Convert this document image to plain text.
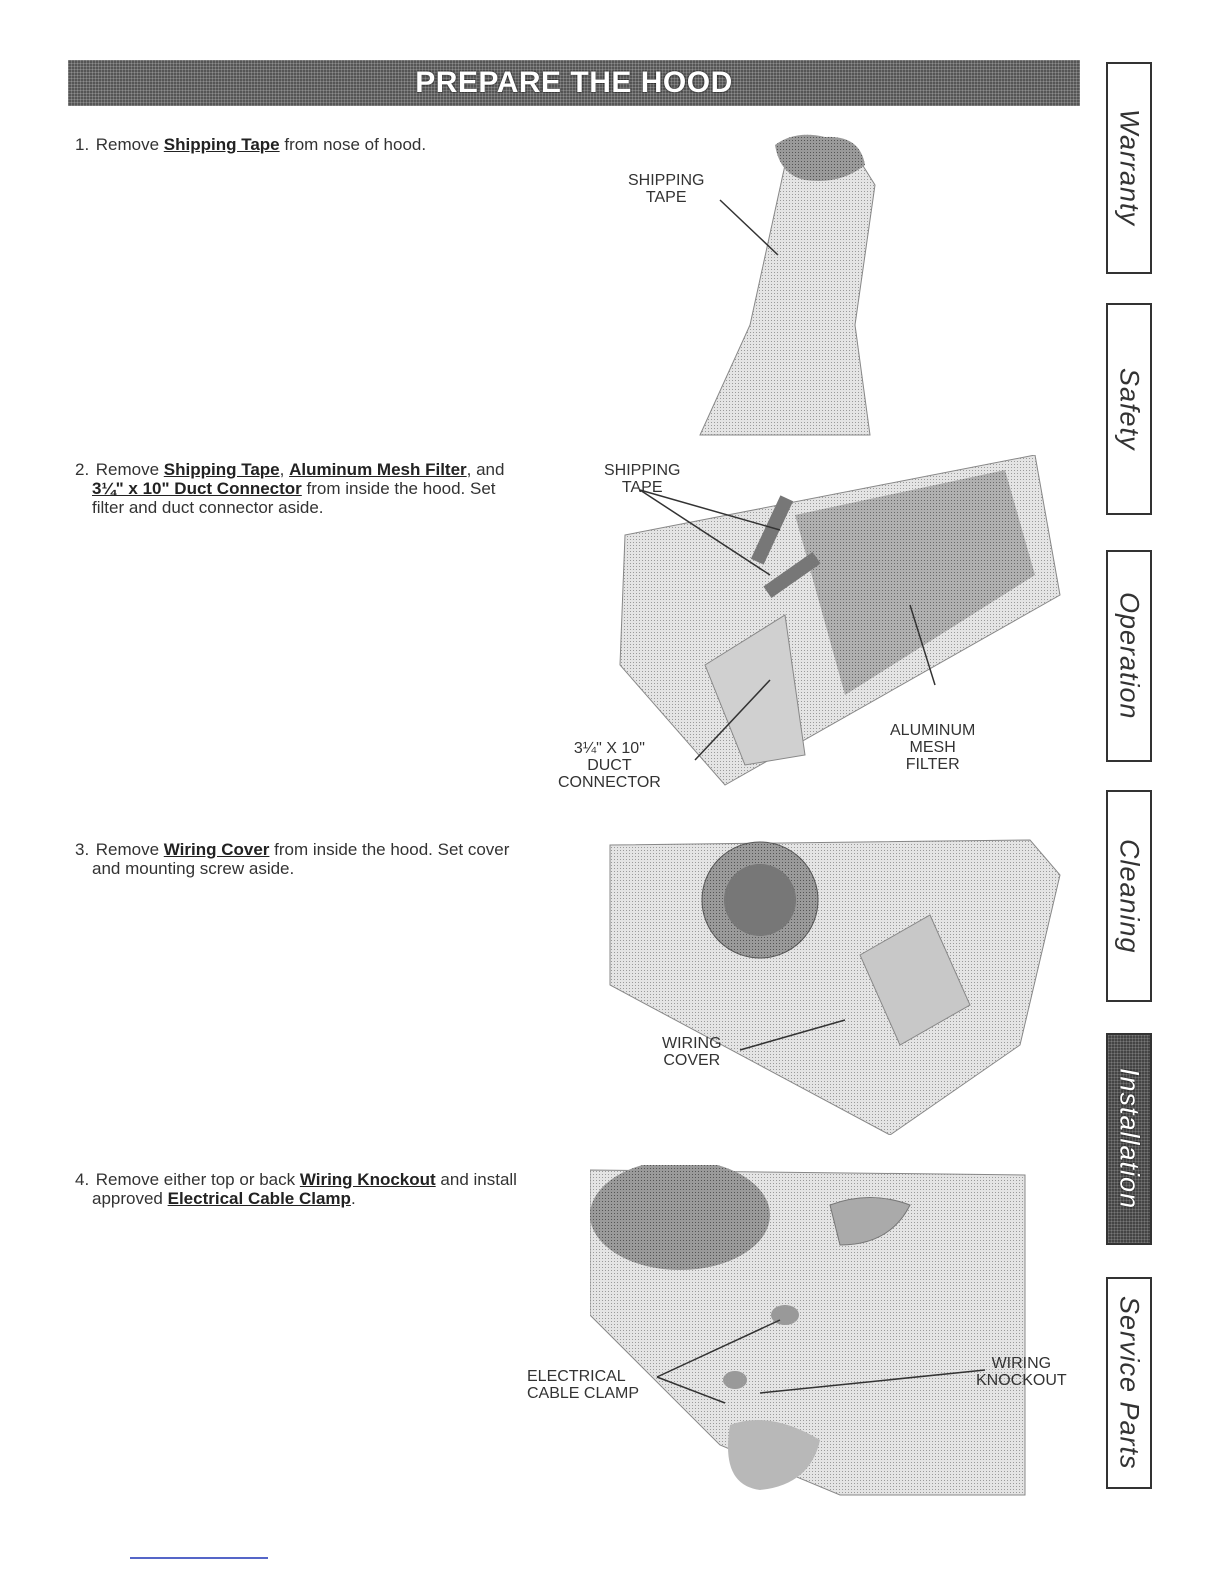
PREPARE THE HOOD
1. Remove Shipping Tape from nose of hood.
2. Remove Shipping Tape, Aluminum Mesh Filter, and
3¼" x 10" Duct Connector from inside the hood. Set
filter and duct connector aside.
3. Remove Wiring Cover from inside the hood. Set cover
and mounting screw aside.
4. Remove either top or back Wiring Knockout and install
approved Electrical Cable Clamp.
SHIPPING
TAPE
SHIPPING
TAPE
3¼" X 10"
DUCT
CONNECTOR
ALUMINUM
MESH
FILTER
WIRING
COVER
ELECTRICAL
CABLE CLAMP
WIRING
KNOCKOUT
Warranty
Safety
Operation
Cleaning
Installation
Service Parts
